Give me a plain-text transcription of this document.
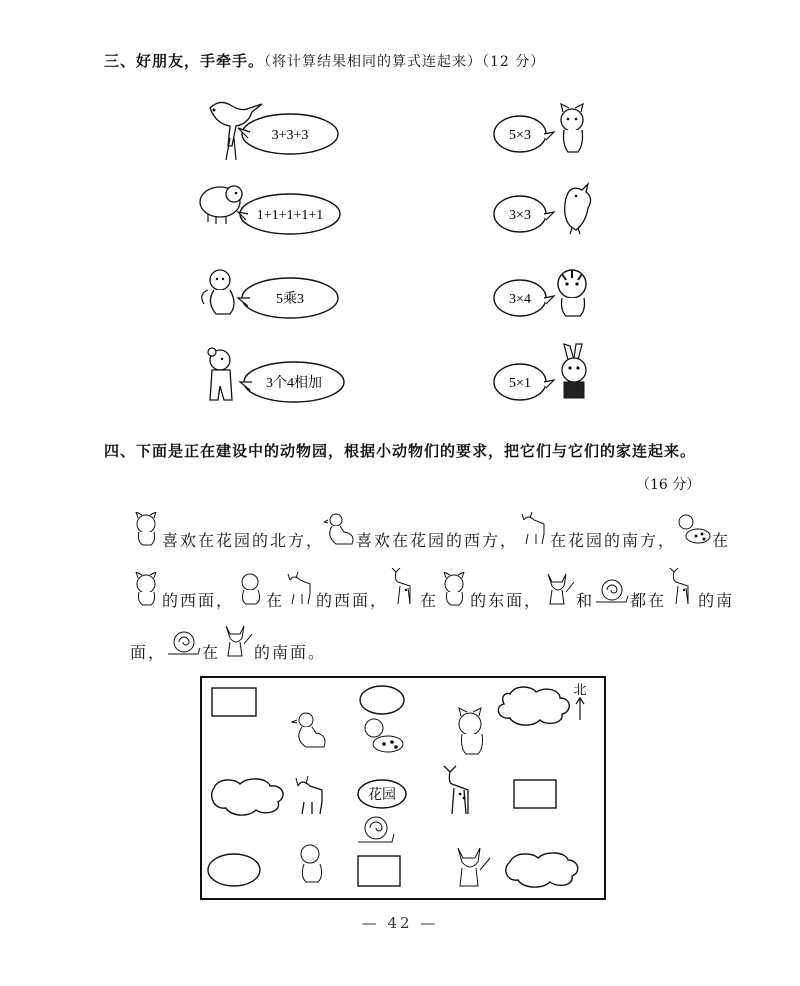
三、好朋友，手牵手。（将计算结果相同的算式连起来）（12 分）
3+3+3
1+1+1+1+1
5乘3
3个4相加
5×3
3×3
3×4
5×1
四、下面是正在建设中的动物园，根据小动物们的要求，把它们与它们的家连起来。
（16 分）
喜欢在花园的北方， 喜欢在花园的西方， 在花园的南方， 在
的西面， 在 的西面， 在 的东面， 和 都在 的南
面， 在 的南面。
花园
北
— 42 —
